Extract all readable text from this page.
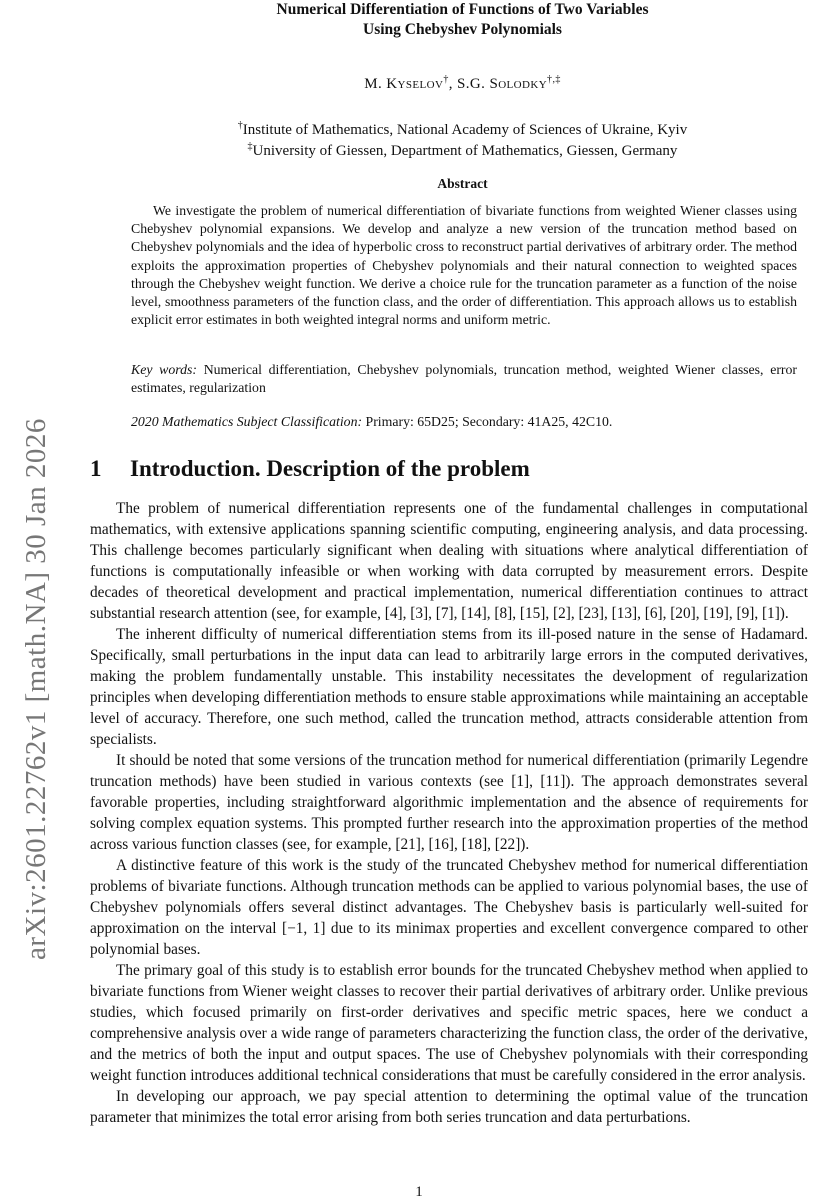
arXiv:2601.22762v1 [math.NA] 30 Jan 2026
Numerical Differentiation of Functions of Two Variables
Using Chebyshev Polynomials
M. Kyselov†, S.G. Solodky†,‡
†Institute of Mathematics, National Academy of Sciences of Ukraine, Kyiv
‡University of Giessen, Department of Mathematics, Giessen, Germany
Abstract

We investigate the problem of numerical differentiation of bivariate functions from weighted Wiener classes using Chebyshev polynomial expansions. We develop and analyze a new version of the truncation method based on Chebyshev polynomials and the idea of hyperbolic cross to reconstruct partial derivatives of arbitrary order. The method exploits the approximation properties of Chebyshev polynomials and their natural connection to weighted spaces through the Chebyshev weight function. We derive a choice rule for the truncation parameter as a function of the noise level, smoothness parameters of the function class, and the order of differentiation. This approach allows us to establish explicit error estimates in both weighted integral norms and uniform metric.

Key words: Numerical differentiation, Chebyshev polynomials, truncation method, weighted Wiener classes, error estimates, regularization

2020 Mathematics Subject Classification: Primary: 65D25; Secondary: 41A25, 42C10.

1 Introduction. Description of the problem

The problem of numerical differentiation represents one of the fundamental challenges in computational mathematics, with extensive applications spanning scientific computing, engineering analysis, and data processing. This challenge becomes particularly significant when dealing with situations where analytical differentiation of functions is computationally infeasible or when working with data corrupted by measurement errors. Despite decades of theoretical development and practical implementation, numerical differentiation continues to attract substantial research attention (see, for example, [4], [3], [7], [14], [8], [15], [2], [23], [13], [6], [20], [19], [9], [1]).

The inherent difficulty of numerical differentiation stems from its ill-posed nature in the sense of Hadamard. Specifically, small perturbations in the input data can lead to arbitrarily large errors in the computed derivatives, making the problem fundamentally unstable. This instability necessitates the development of regularization principles when developing differentiation methods to ensure stable approximations while maintaining an acceptable level of accuracy. Therefore, one such method, called the truncation method, attracts considerable attention from specialists.

It should be noted that some versions of the truncation method for numerical differentiation (primarily Legendre truncation methods) have been studied in various contexts (see [1], [11]). The approach demonstrates several favorable properties, including straightforward algorithmic implementation and the absence of requirements for solving complex equation systems. This prompted further research into the approximation properties of the method across various function classes (see, for example, [21], [16], [18], [22]).

A distinctive feature of this work is the study of the truncated Chebyshev method for numerical differentiation problems of bivariate functions. Although truncation methods can be applied to various polynomial bases, the use of Chebyshev polynomials offers several distinct advantages. The Chebyshev basis is particularly well-suited for approximation on the interval [−1, 1] due to its minimax properties and excellent convergence compared to other polynomial bases.

The primary goal of this study is to establish error bounds for the truncated Chebyshev method when applied to bivariate functions from Wiener weight classes to recover their partial derivatives of arbitrary order. Unlike previous studies, which focused primarily on first-order derivatives and specific metric spaces, here we conduct a comprehensive analysis over a wide range of parameters characterizing the function class, the order of the derivative, and the metrics of both the input and output spaces. The use of Chebyshev polynomials with their corresponding weight function introduces additional technical considerations that must be carefully considered in the error analysis.

In developing our approach, we pay special attention to determining the optimal value of the truncation parameter that minimizes the total error arising from both series truncation and data perturbations.

1
